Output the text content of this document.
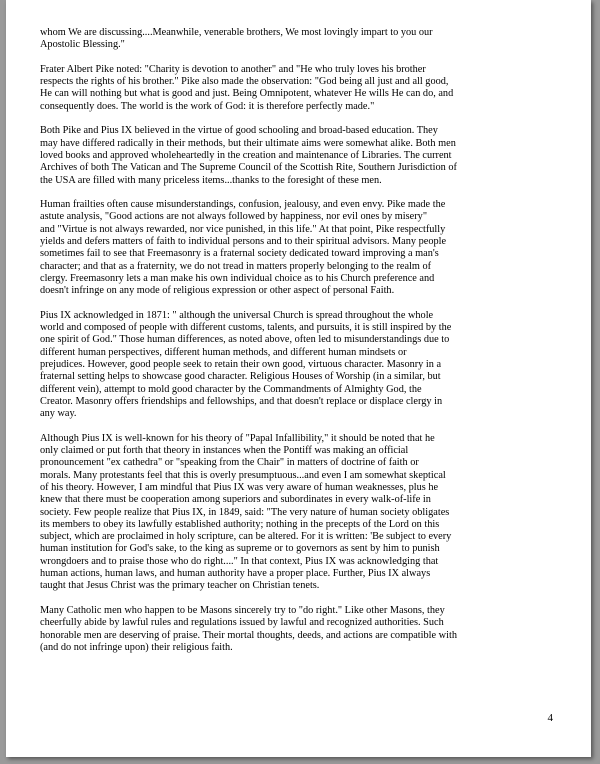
whom We are discussing....Meanwhile, venerable brothers, We most lovingly impart to you our
Apostolic Blessing."

Frater Albert Pike noted: "Charity is devotion to another" and "He who truly loves his brother
respects the rights of his brother." Pike also made the observation: "God being all just and all good,
He can will nothing but what is good and just. Being Omnipotent, whatever He wills He can do, and
consequently does. The world is the work of God: it is therefore perfectly made."

Both Pike and Pius IX believed in the virtue of good schooling and broad-based education. They
may have differed radically in their methods, but their ultimate aims were somewhat alike. Both men
loved books and approved wholeheartedly in the creation and maintenance of Libraries. The current
Archives of both The Vatican and The Supreme Council of the Scottish Rite, Southern Jurisdiction of
the USA are filled with many priceless items...thanks to the foresight of these men.

Human frailties often cause misunderstandings, confusion, jealousy, and even envy. Pike made the
astute analysis, "Good actions are not always followed by happiness, nor evil ones by misery"
and "Virtue is not always rewarded, nor vice punished, in this life." At that point, Pike respectfully
yields and defers matters of faith to individual persons and to their spiritual advisors. Many people
sometimes fail to see that Freemasonry is a fraternal society dedicated toward improving a man's
character; and that as a fraternity, we do not tread in matters properly belonging to the realm of
clergy. Freemasonry lets a man make his own individual choice as to his Church preference and
doesn't infringe on any mode of religious expression or other aspect of personal Faith.

Pius IX acknowledged in 1871: " although the universal Church is spread throughout the whole
world and composed of people with different customs, talents, and pursuits, it is still inspired by the
one spirit of God." Those human differences, as noted above, often led to misunderstandings due to
different human perspectives, different human methods, and different human mindsets or
prejudices. However, good people seek to retain their own good, virtuous character. Masonry in a
fraternal setting helps to showcase good character. Religious Houses of Worship (in a similar, but
different vein), attempt to mold good character by the Commandments of Almighty God, the
Creator. Masonry offers friendships and fellowships, and that doesn't replace or displace clergy in
any way.

Although Pius IX is well-known for his theory of "Papal Infallibility," it should be noted that he
only claimed or put forth that theory in instances when the Pontiff was making an official
pronouncement "ex cathedra" or "speaking from the Chair" in matters of doctrine of faith or
morals. Many protestants feel that this is overly presumptuous...and even I am somewhat skeptical
of his theory. However, I am mindful that Pius IX was very aware of human weaknesses, plus he
knew that there must be cooperation among superiors and subordinates in every walk-of-life in
society. Few people realize that Pius IX, in 1849, said: "The very nature of human society obligates
its members to obey its lawfully established authority; nothing in the precepts of the Lord on this
subject, which are proclaimed in holy scripture, can be altered. For it is written: 'Be subject to every
human institution for God's sake, to the king as supreme or to governors as sent by him to punish
wrongdoers and to praise those who do right...." In that context, Pius IX was acknowledging that
human actions, human laws, and human authority have a proper place. Further, Pius IX always
taught that Jesus Christ was the primary teacher on Christian tenets.

Many Catholic men who happen to be Masons sincerely try to "do right." Like other Masons, they
cheerfully abide by lawful rules and regulations issued by lawful and recognized authorities. Such
honorable men are deserving of praise. Their mortal thoughts, deeds, and actions are compatible with
(and do not infringe upon) their religious faith.

4
